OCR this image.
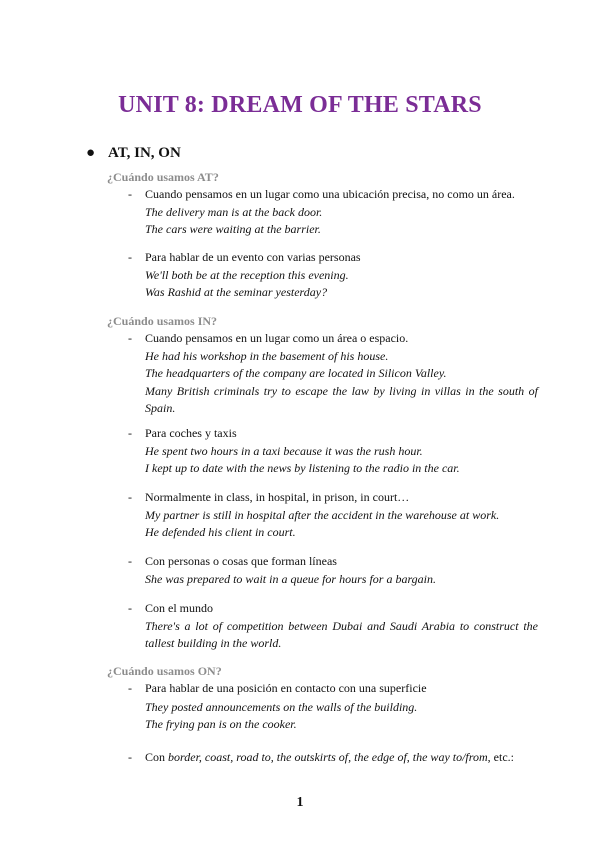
UNIT 8: DREAM OF THE STARS
● AT, IN, ON
¿Cuándo usamos AT?
- Cuando pensamos en un lugar como una ubicación precisa, no como un área.
The delivery man is at the back door.
The cars were waiting at the barrier.
- Para hablar de un evento con varias personas
We'll both be at the reception this evening.
Was Rashid at the seminar yesterday?
¿Cuándo usamos IN?
- Cuando pensamos en un lugar como un área o espacio.
He had his workshop in the basement of his house.
The headquarters of the company are located in Silicon Valley.
Many British criminals try to escape the law by living in villas in the south of Spain.
- Para coches y taxis
He spent two hours in a taxi because it was the rush hour.
I kept up to date with the news by listening to the radio in the car.
- Normalmente in class, in hospital, in prison, in court…
My partner is still in hospital after the accident in the warehouse at work.
He defended his client in court.
- Con personas o cosas que forman líneas
She was prepared to wait in a queue for hours for a bargain.
- Con el mundo
There's a lot of competition between Dubai and Saudi Arabia to construct the tallest building in the world.
¿Cuándo usamos ON?
- Para hablar de una posición en contacto con una superficie
They posted announcements on the walls of the building.
The frying pan is on the cooker.
- Con border, coast, road to, the outskirts of, the edge of, the way to/from, etc.:
1
